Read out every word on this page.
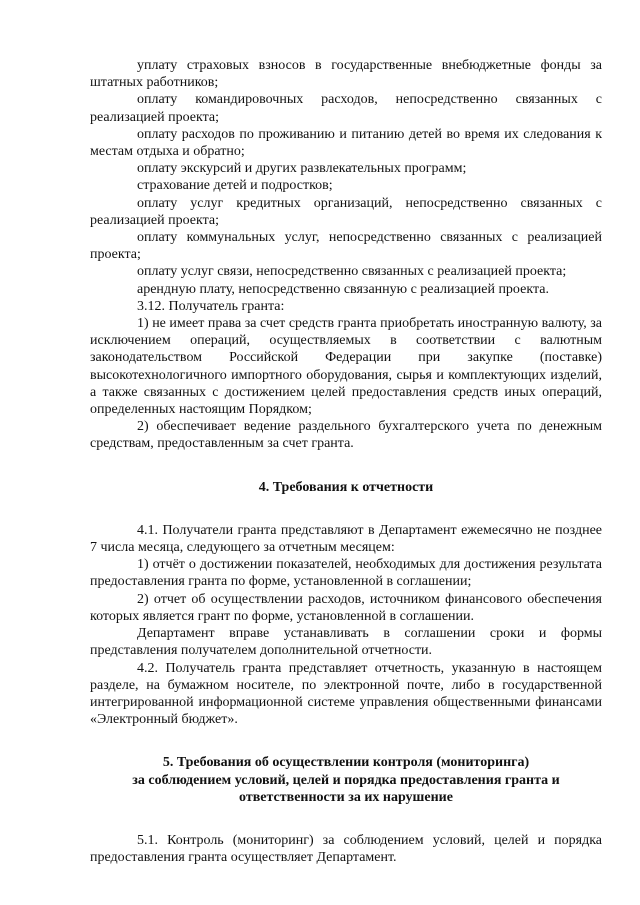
уплату страховых взносов в государственные внебюджетные фонды за штатных работников;

оплату командировочных расходов, непосредственно связанных с реализацией проекта;

оплату расходов по проживанию и питанию детей во время их следования к местам отдыха и обратно;

оплату экскурсий и других развлекательных программ;

страхование детей и подростков;

оплату услуг кредитных организаций, непосредственно связанных с реализацией проекта;

оплату коммунальных услуг, непосредственно связанных с реализацией проекта;

оплату услуг связи, непосредственно связанных с реализацией проекта;

арендную плату, непосредственно связанную с реализацией проекта.

3.12. Получатель гранта:

1) не имеет права за счет средств гранта приобретать иностранную валюту, за исключением операций, осуществляемых в соответствии с валютным законодательством Российской Федерации при закупке (поставке) высокотехнологичного импортного оборудования, сырья и комплектующих изделий, а также связанных с достижением целей предоставления средств иных операций, определенных настоящим Порядком;

2) обеспечивает ведение раздельного бухгалтерского учета по денежным средствам, предоставленным за счет гранта.

4. Требования к отчетности

4.1. Получатели гранта представляют в Департамент ежемесячно не позднее 7 числа месяца, следующего за отчетным месяцем:

1) отчёт о достижении показателей, необходимых для достижения результата предоставления гранта по форме, установленной в соглашении;

2) отчет об осуществлении расходов, источником финансового обеспечения которых является грант по форме, установленной в соглашении.

Департамент вправе устанавливать в соглашении сроки и формы представления получателем дополнительной отчетности.

4.2. Получатель гранта представляет отчетность, указанную в настоящем разделе, на бумажном носителе, по электронной почте, либо в государственной интегрированной информационной системе управления общественными финансами «Электронный бюджет».

5. Требования об осуществлении контроля (мониторинга)
за соблюдением условий, целей и порядка предоставления гранта и
ответственности за их нарушение

5.1. Контроль (мониторинг) за соблюдением условий, целей и порядка предоставления гранта осуществляет Департамент.
